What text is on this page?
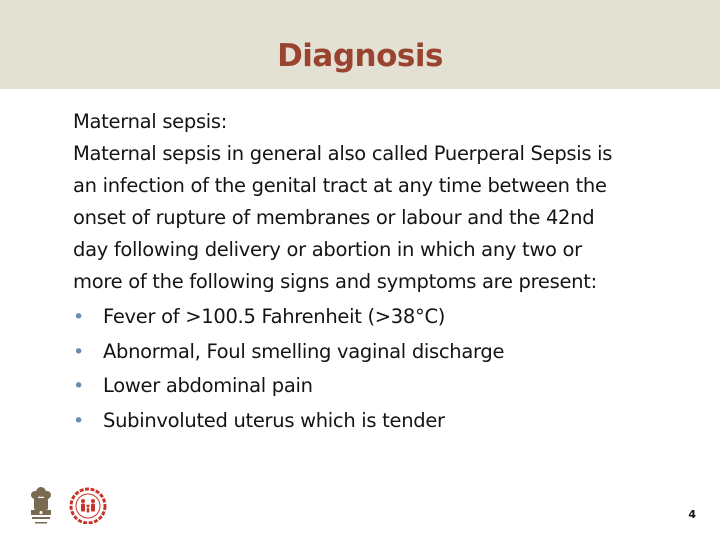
Diagnosis

Maternal sepsis:

Maternal sepsis in general also called Puerperal Sepsis is

an infection of the genital tract at any time between the

onset of rupture of membranes or labour and the 42nd

day following delivery or abortion in which any two or

more of the following signs and symptoms are present:

• Fever of >100.5 Fahrenheit (>38°C)
• Abnormal, Foul smelling vaginal discharge
• Lower abdominal pain
• Subinvoluted uterus which is tender
4
